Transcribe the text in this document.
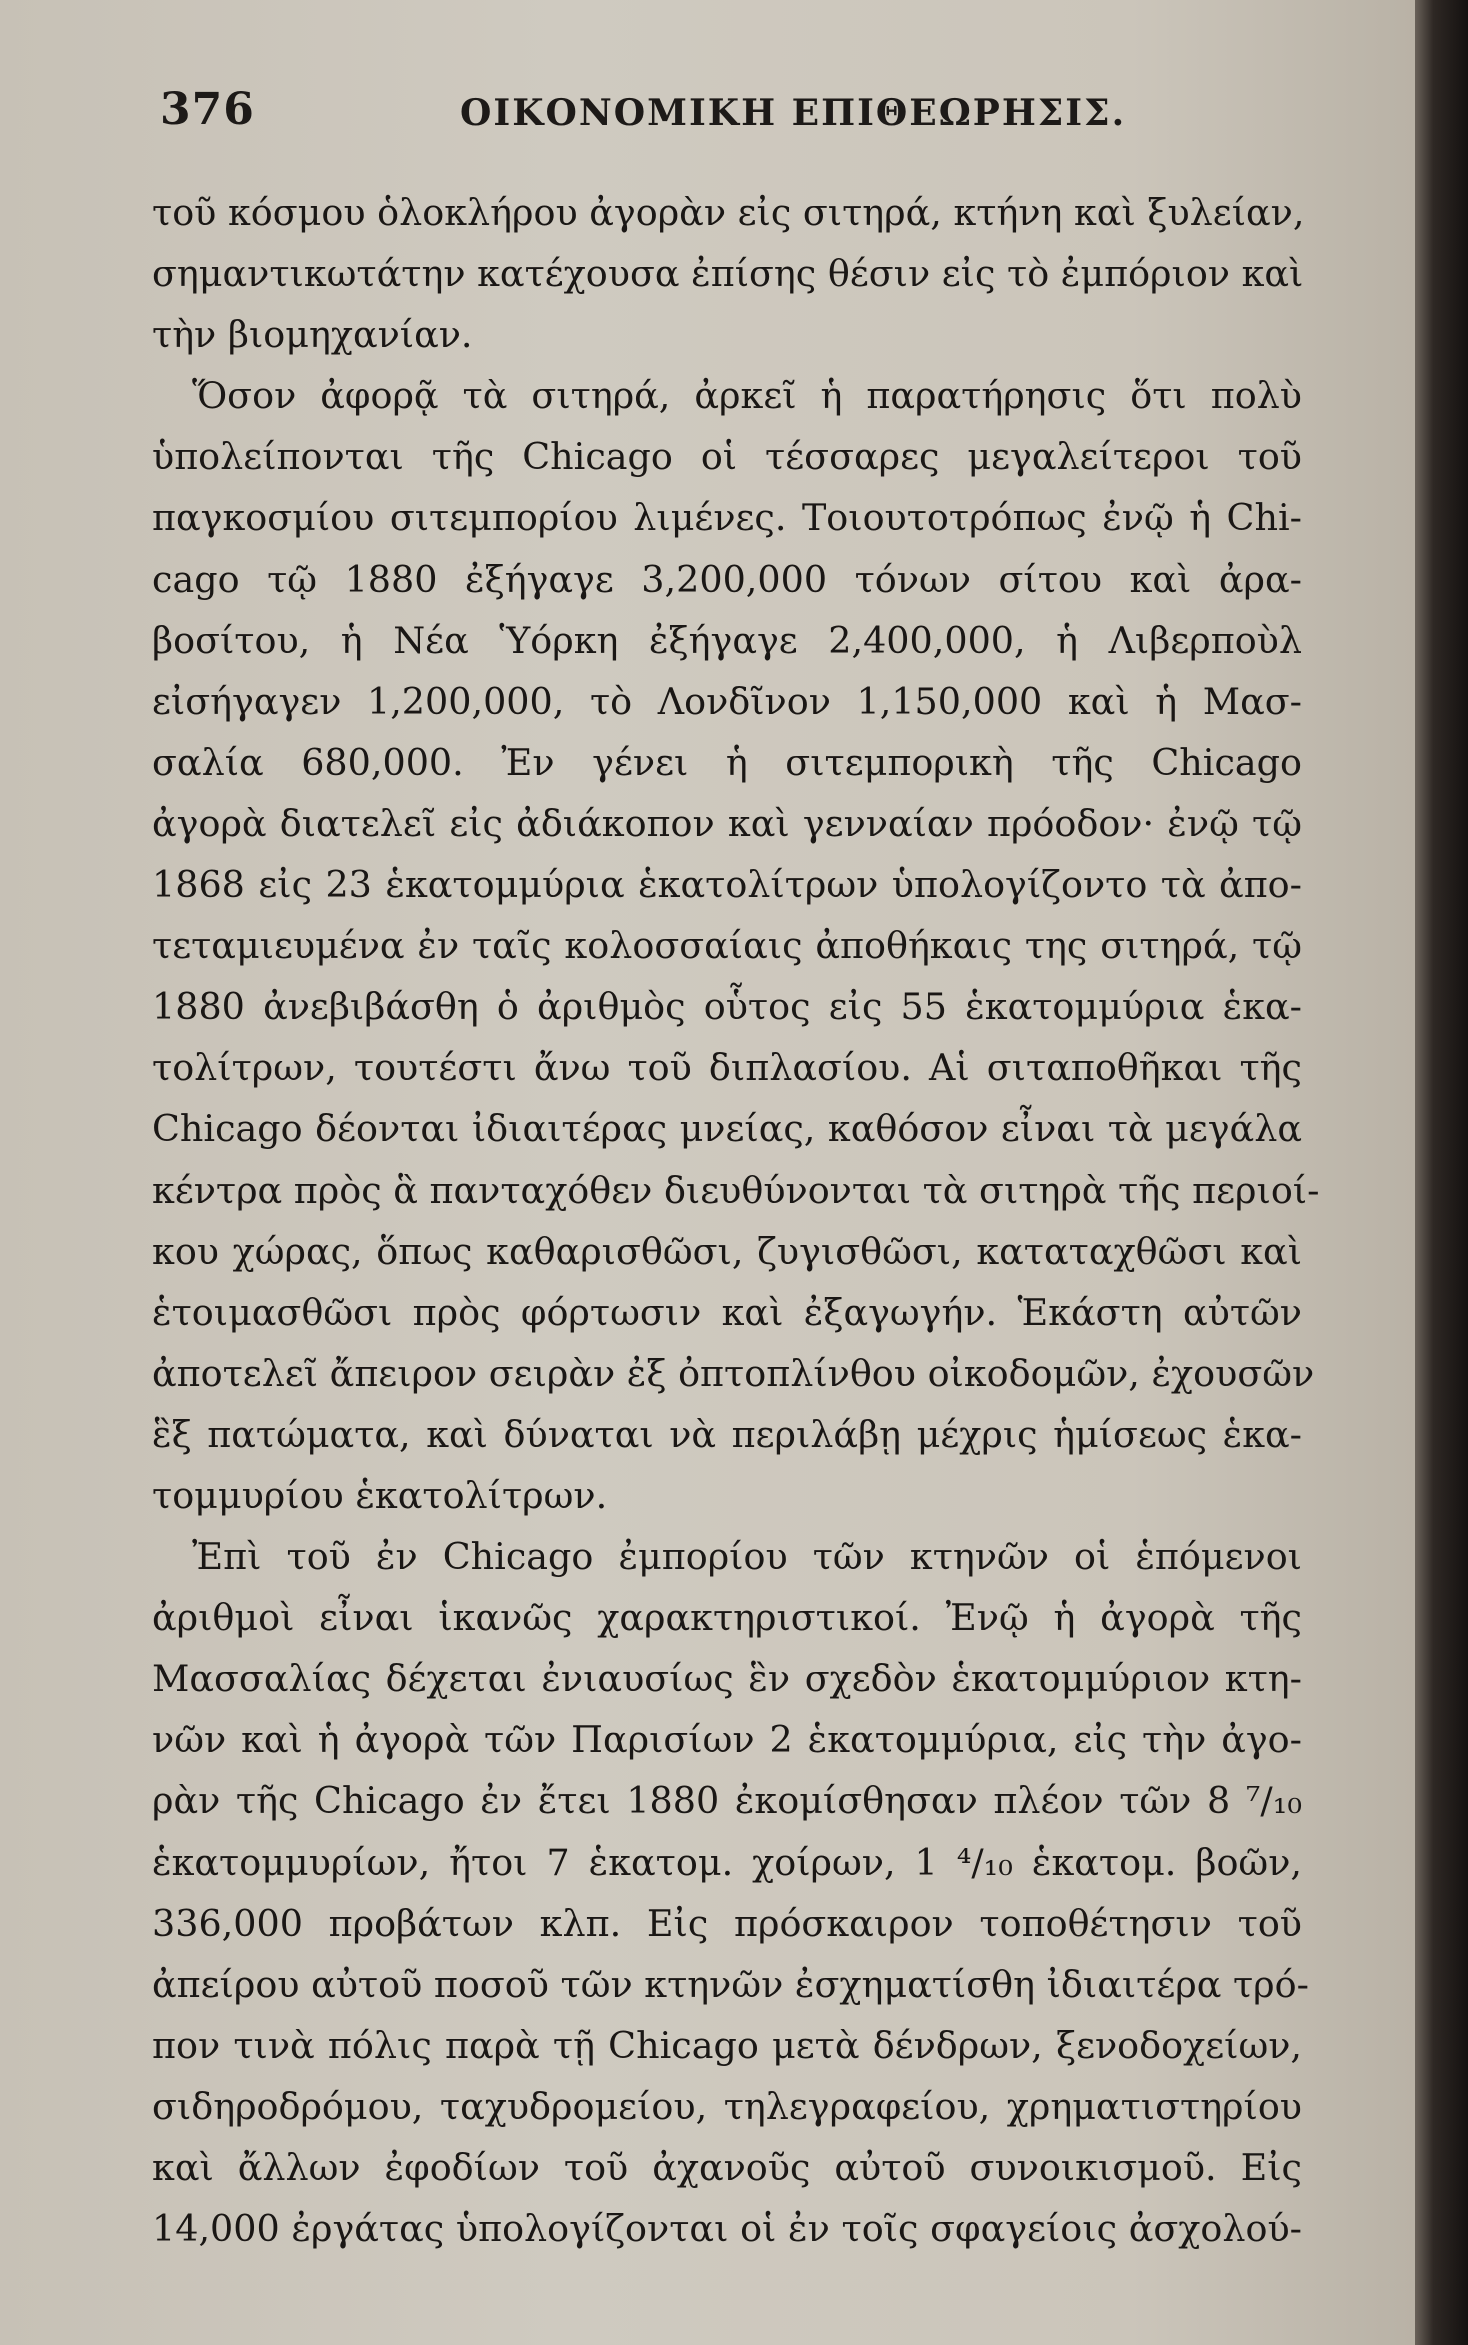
376	ΟΙΚΟΝΟΜΙΚΗ ΕΠΙΘΕΩΡΗΣΙΣ.
τοῦ κόσμου ὁλοκλήρου ἀγορὰν εἰς σιτηρά, κτήνη καὶ ξυλείαν,
σημαντικωτάτην κατέχουσα ἐπίσης θέσιν εἰς τὸ ἐμπόριον καὶ
τὴν βιομηχανίαν.
Ὅσον ἀφορᾷ τὰ σιτηρά, ἀρκεῖ ἡ παρατήρησις ὅτι πολὺ
ὑπολείπονται τῆς Chicago οἱ τέσσαρες μεγαλείτεροι τοῦ
παγκοσμίου σιτεμπορίου λιμένες. Τοιουτοτρόπως ἐνῷ ἡ Chi-
cago τῷ 1880 ἐξήγαγε 3,200,000 τόνων σίτου καὶ ἀρα-
βοσίτου, ἡ Νέα Ὑόρκη ἐξήγαγε 2,400,000, ἡ Λιβερποὺλ
εἰσήγαγεν 1,200,000, τὸ Λονδῖνον 1,150,000 καὶ ἡ Μασ-
σαλία 680,000. Ἐν γένει ἡ σιτεμπορικὴ τῆς Chicago
ἀγορὰ διατελεῖ εἰς ἀδιάκοπον καὶ γενναίαν πρόοδον· ἐνῷ τῷ
1868 εἰς 23 ἑκατομμύρια ἑκατολίτρων ὑπολογίζοντο τὰ ἀπο-
τεταμιευμένα ἐν ταῖς κολοσσαίαις ἀποθήκαις της σιτηρά, τῷ
1880 ἀνεβιβάσθη ὁ ἀριθμὸς οὗτος εἰς 55 ἑκατομμύρια ἑκα-
τολίτρων, τουτέστι ἄνω τοῦ διπλασίου. Αἱ σιταποθῆκαι τῆς
Chicago δέονται ἰδιαιτέρας μνείας, καθόσον εἶναι τὰ μεγάλα
κέντρα πρὸς ἃ πανταχόθεν διευθύνονται τὰ σιτηρὰ τῆς περιοί-
κου χώρας, ὅπως καθαρισθῶσι, ζυγισθῶσι, καταταχθῶσι καὶ
ἑτοιμασθῶσι πρὸς φόρτωσιν καὶ ἐξαγωγήν. Ἑκάστη αὐτῶν
ἀποτελεῖ ἄπειρον σειρὰν ἐξ ὀπτοπλίνθου οἰκοδομῶν, ἐχουσῶν
ἓξ πατώματα, καὶ δύναται νὰ περιλάβῃ μέχρις ἡμίσεως ἑκα-
τομμυρίου ἑκατολίτρων.
Ἐπὶ τοῦ ἐν Chicago ἐμπορίου τῶν κτηνῶν οἱ ἑπόμενοι
ἀριθμοὶ εἶναι ἱκανῶς χαρακτηριστικοί. Ἐνῷ ἡ ἀγορὰ τῆς
Μασσαλίας δέχεται ἐνιαυσίως ἓν σχεδὸν ἑκατομμύριον κτη-
νῶν καὶ ἡ ἀγορὰ τῶν Παρισίων 2 ἑκατομμύρια, εἰς τὴν ἀγο-
ρὰν τῆς Chicago ἐν ἔτει 1880 ἐκομίσθησαν πλέον τῶν 8 ⁷/₁₀
ἑκατομμυρίων, ἤτοι 7 ἑκατομ. χοίρων, 1 ⁴/₁₀ ἑκατομ. βοῶν,
336,000 προβάτων κλπ. Εἰς πρόσκαιρον τοποθέτησιν τοῦ
ἀπείρου αὐτοῦ ποσοῦ τῶν κτηνῶν ἐσχηματίσθη ἰδιαιτέρα τρό-
πον τινὰ πόλις παρὰ τῇ Chicago μετὰ δένδρων, ξενοδοχείων,
σιδηροδρόμου, ταχυδρομείου, τηλεγραφείου, χρηματιστηρίου
καὶ ἄλλων ἐφοδίων τοῦ ἀχανοῦς αὐτοῦ συνοικισμοῦ. Εἰς
14,000 ἐργάτας ὑπολογίζονται οἱ ἐν τοῖς σφαγείοις ἀσχολού-
